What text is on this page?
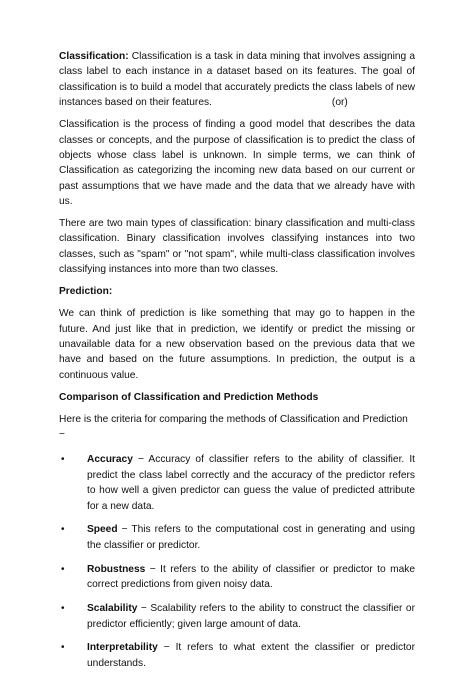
Classification: Classification is a task in data mining that involves assigning a class label to each instance in a dataset based on its features. The goal of classification is to build a model that accurately predicts the class labels of new instances based on their features.	(or)

Classification is the process of finding a good model that describes the data classes or concepts, and the purpose of classification is to predict the class of objects whose class label is unknown. In simple terms, we can think of Classification as categorizing the incoming new data based on our current or past assumptions that we have made and the data that we already have with us.

There are two main types of classification: binary classification and multi-class classification. Binary classification involves classifying instances into two classes, such as "spam" or "not spam", while multi-class classification involves classifying instances into more than two classes.

Prediction:

We can think of prediction is like something that may go to happen in the future. And just like that in prediction, we identify or predict the missing or unavailable data for a new observation based on the previous data that we have and based on the future assumptions. In prediction, the output is a continuous value.

Comparison of Classification and Prediction Methods

Here is the criteria for comparing the methods of Classification and Prediction −

• Accuracy − Accuracy of classifier refers to the ability of classifier. It predict the class label correctly and the accuracy of the predictor refers to how well a given predictor can guess the value of predicted attribute for a new data.
• Speed − This refers to the computational cost in generating and using the classifier or predictor.
• Robustness − It refers to the ability of classifier or predictor to make correct predictions from given noisy data.
• Scalability − Scalability refers to the ability to construct the classifier or predictor efficiently; given large amount of data.
• Interpretability − It refers to what extent the classifier or predictor understands.
